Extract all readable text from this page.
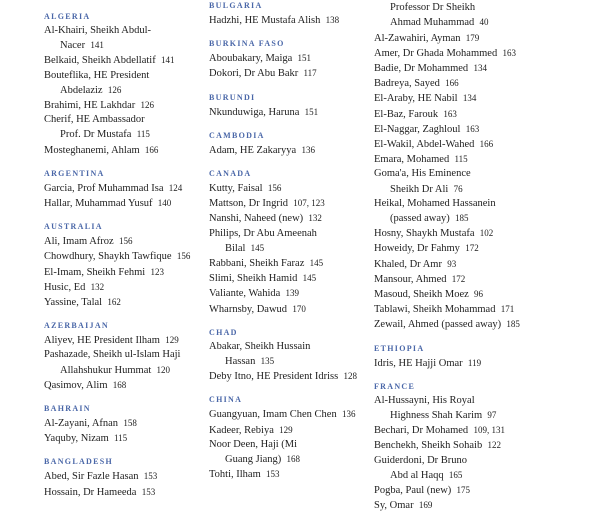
ALGERIA
Al-Khairi, Sheikh Abdul-
Nacer  141
Belkaid, Sheikh Abdellatif  141
Bouteflika, HE President
Abdelaziz  126
Brahimi, HE Lakhdar  126
Cherif, HE Ambassador
Prof. Dr Mustafa  115
Mosteghanemi, Ahlam  166
ARGENTINA
Garcia, Prof Muhammad Isa  124
Hallar, Muhammad Yusuf  140
AUSTRALIA
Ali, Imam Afroz  156
Chowdhury, Shaykh Tawfique  156
El-Imam, Sheikh Fehmi  123
Husic, Ed  132
Yassine, Talal  162
AZERBAIJAN
Aliyev, HE President Ilham  129
Pashazade, Sheikh ul-Islam Haji
Allahshukur Hummat  120
Qasimov, Alim  168
BAHRAIN
Al-Zayani, Afnan  158
Yaquby, Nizam  115
BANGLADESH
Abed, Sir Fazle Hasan  153
Hossain, Dr Hameeda  153
BULGARIA
Hadzhi, HE Mustafa Alish  138
BURKINA FASO
Aboubakary, Maiga  151
Dokori, Dr Abu Bakr  117
BURUNDI
Nkunduwiga, Haruna  151
CAMBODIA
Adam, HE Zakaryya  136
CANADA
Kutty, Faisal  156
Mattson, Dr Ingrid  107, 123
Nanshi, Naheed (new)  132
Philips, Dr Abu Ameenah
Bilal  145
Rabbani, Sheikh Faraz  145
Slimi, Sheikh Hamid  145
Valiante, Wahida  139
Wharnsby, Dawud  170
CHAD
Abakar, Sheikh Hussain
Hassan  135
Deby Itno, HE President Idriss  128
CHINA
Guangyuan, Imam Chen Chen  136
Kadeer, Rebiya  129
Noor Deen, Haji (Mi
Guang Jiang)  168
Tohti, Ilham  153

Professor Dr Sheikh
Ahmad Muhammad  40
Al-Zawahiri, Ayman  179
Amer, Dr Ghada Mohammed  163
Badie, Dr Mohammed  134
Badreya, Sayed  166
El-Araby, HE Nabil  134
El-Baz, Farouk  163
El-Naggar, Zaghloul  163
El-Wakil, Abdel-Wahed  166
Emara, Mohamed  115
Goma'a, His Eminence
Sheikh Dr Ali  76
Heikal, Mohamed Hassanein
(passed away)  185
Hosny, Shaykh Mustafa  102
Howeidy, Dr Fahmy  172
Khaled, Dr Amr  93
Mansour, Ahmed  172
Masoud, Sheikh Moez  96
Tablawi, Sheikh Mohammad  171
Zewail, Ahmed (passed away)  185
ETHIOPIA
Idris, HE Hajji Omar  119
FRANCE
Al-Hussayni, His Royal
Highness Shah Karim  97
Bechari, Dr Mohamed  109, 131
Benchekh, Sheikh Sohaib  122
Guiderdoni, Dr Bruno
Abd al Haqq  165
Pogba, Paul (new)  175
Sy, Omar  169
